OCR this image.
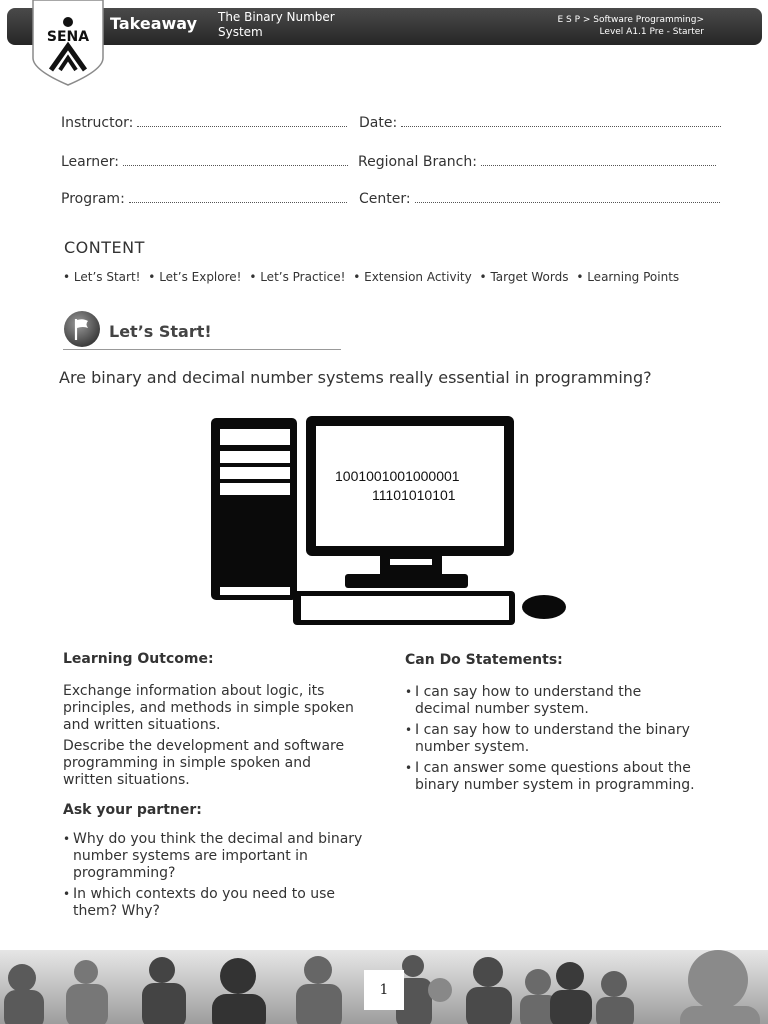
Takeaway The Binary Number System
E S P > Software Programming>
Level A1.1 Pre - Starter
SENA
Instructor:	Date:
Learner:	Regional Branch:
Program:	Center:
CONTENT
• Let’s Start! • Let’s Explore! • Let’s Practice! • Extension Activity • Target Words • Learning Points
Let’s Start!
Are binary and decimal number systems really essential in programming?
1001001001000001
11101010101
Learning Outcome:

Exchange information about logic, its principles, and methods in simple spoken and written situations.

Describe the development and software programming in simple spoken and written situations.

Ask your partner:
• Why do you think the decimal and binary number systems are important in programming?
• In which contexts do you need to use them? Why?
Can Do Statements:
• I can say how to understand the decimal number system.
• I can say how to understand the binary number system.
• I can answer some questions about the binary number system in programming.
1
